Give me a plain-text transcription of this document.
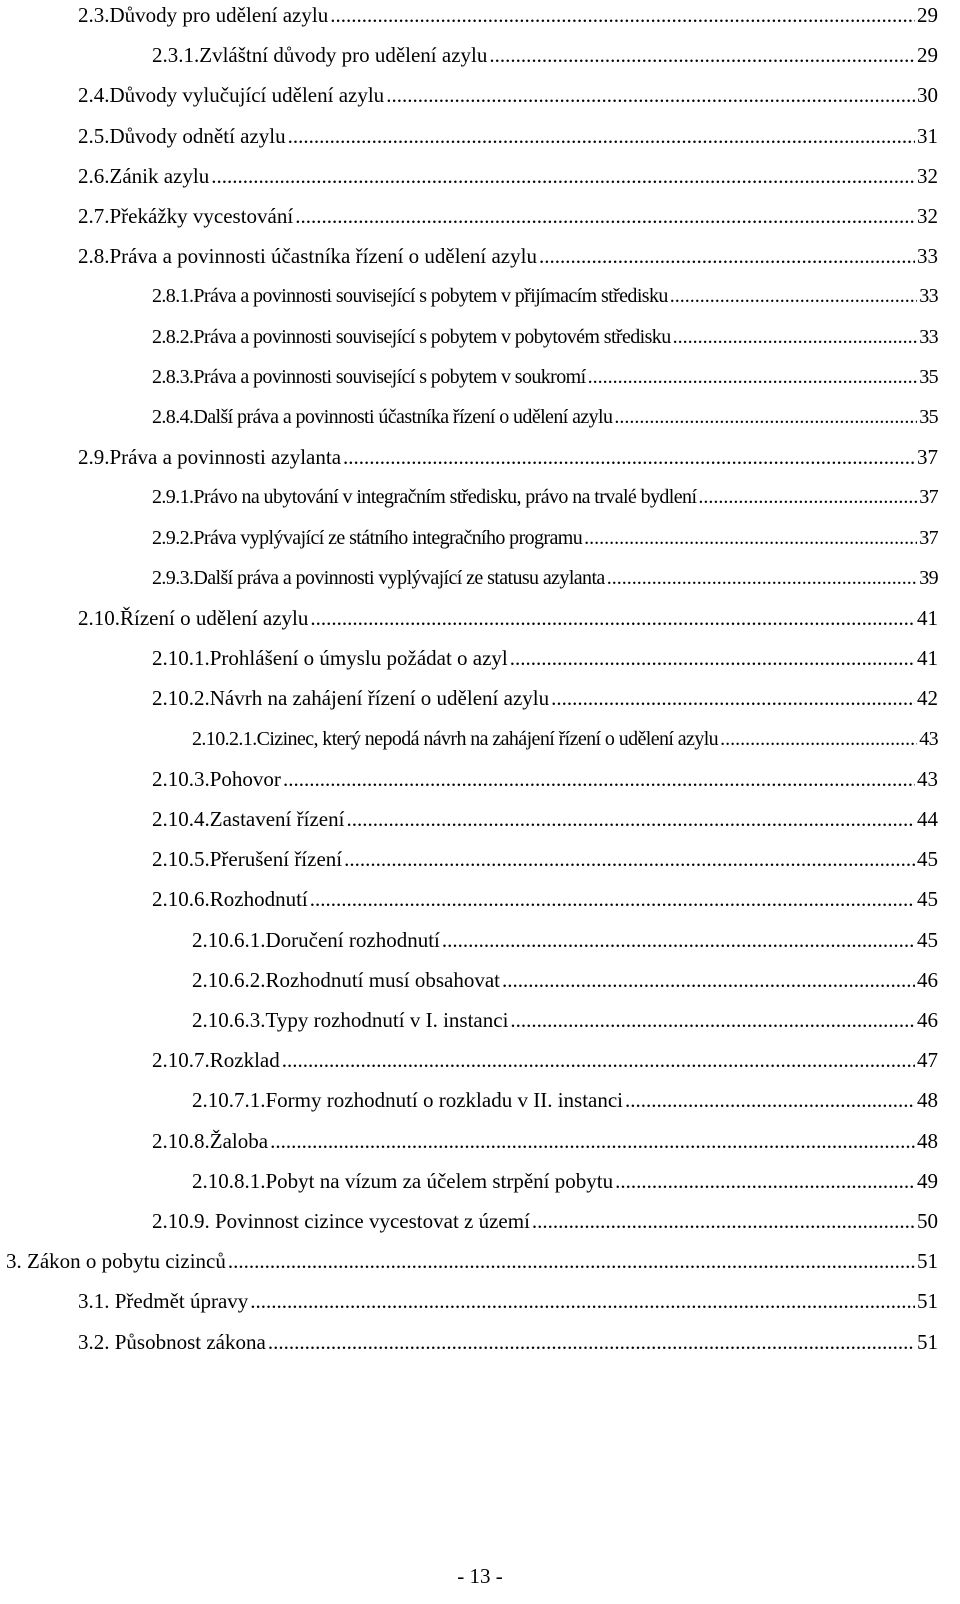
2.3. Důvody pro udělení azylu .....	29
2.3.1. Zvláštní důvody pro udělení azylu .....	29
2.4. Důvody vylučující udělení azylu .....	30
2.5. Důvody odnětí azylu .....	31
2.6. Zánik azylu .....	32
2.7. Překážky vycestování .....	32
2.8. Práva a povinnosti účastníka řízení o udělení azylu .....	33
2.8.1. Práva a povinnosti související s pobytem v přijímacím středisku .....	33
2.8.2. Práva a povinnosti související s pobytem v pobytovém středisku .....	33
2.8.3. Práva a povinnosti související s pobytem v soukromí .....	35
2.8.4. Další práva a povinnosti účastníka řízení o udělení azylu .....	35
2.9. Práva a povinnosti azylanta .....	37
2.9.1. Právo na ubytování v integračním středisku, právo na trvalé bydlení .....	37
2.9.2. Práva vyplývající ze státního integračního programu .....	37
2.9.3. Další práva a povinnosti vyplývající ze statusu azylanta .....	39
2.10. Řízení o udělení azylu .....	41
2.10.1. Prohlášení o úmyslu požádat o azyl .....	41
2.10.2. Návrh na zahájení řízení o udělení azylu .....	42
2.10.2.1. Cizinec, který nepodá návrh na zahájení řízení o udělení azylu .....	43
2.10.3. Pohovor .....	43
2.10.4. Zastavení řízení .....	44
2.10.5. Přerušení řízení .....	45
2.10.6. Rozhodnutí .....	45
2.10.6.1. Doručení rozhodnutí .....	45
2.10.6.2. Rozhodnutí musí obsahovat .....	46
2.10.6.3. Typy rozhodnutí v I. instanci .....	46
2.10.7. Rozklad .....	47
2.10.7.1. Formy rozhodnutí o rozkladu v II. instanci .....	48
2.10.8. Žaloba .....	48
2.10.8.1. Pobyt na vízum za účelem strpění pobytu .....	49
2.10.9. Povinnost cizince vycestovat z území .....	50
3. Zákon o pobytu cizinců .....	51
3.1. Předmět úpravy .....	51
3.2. Působnost zákona .....	51
- 13 -
